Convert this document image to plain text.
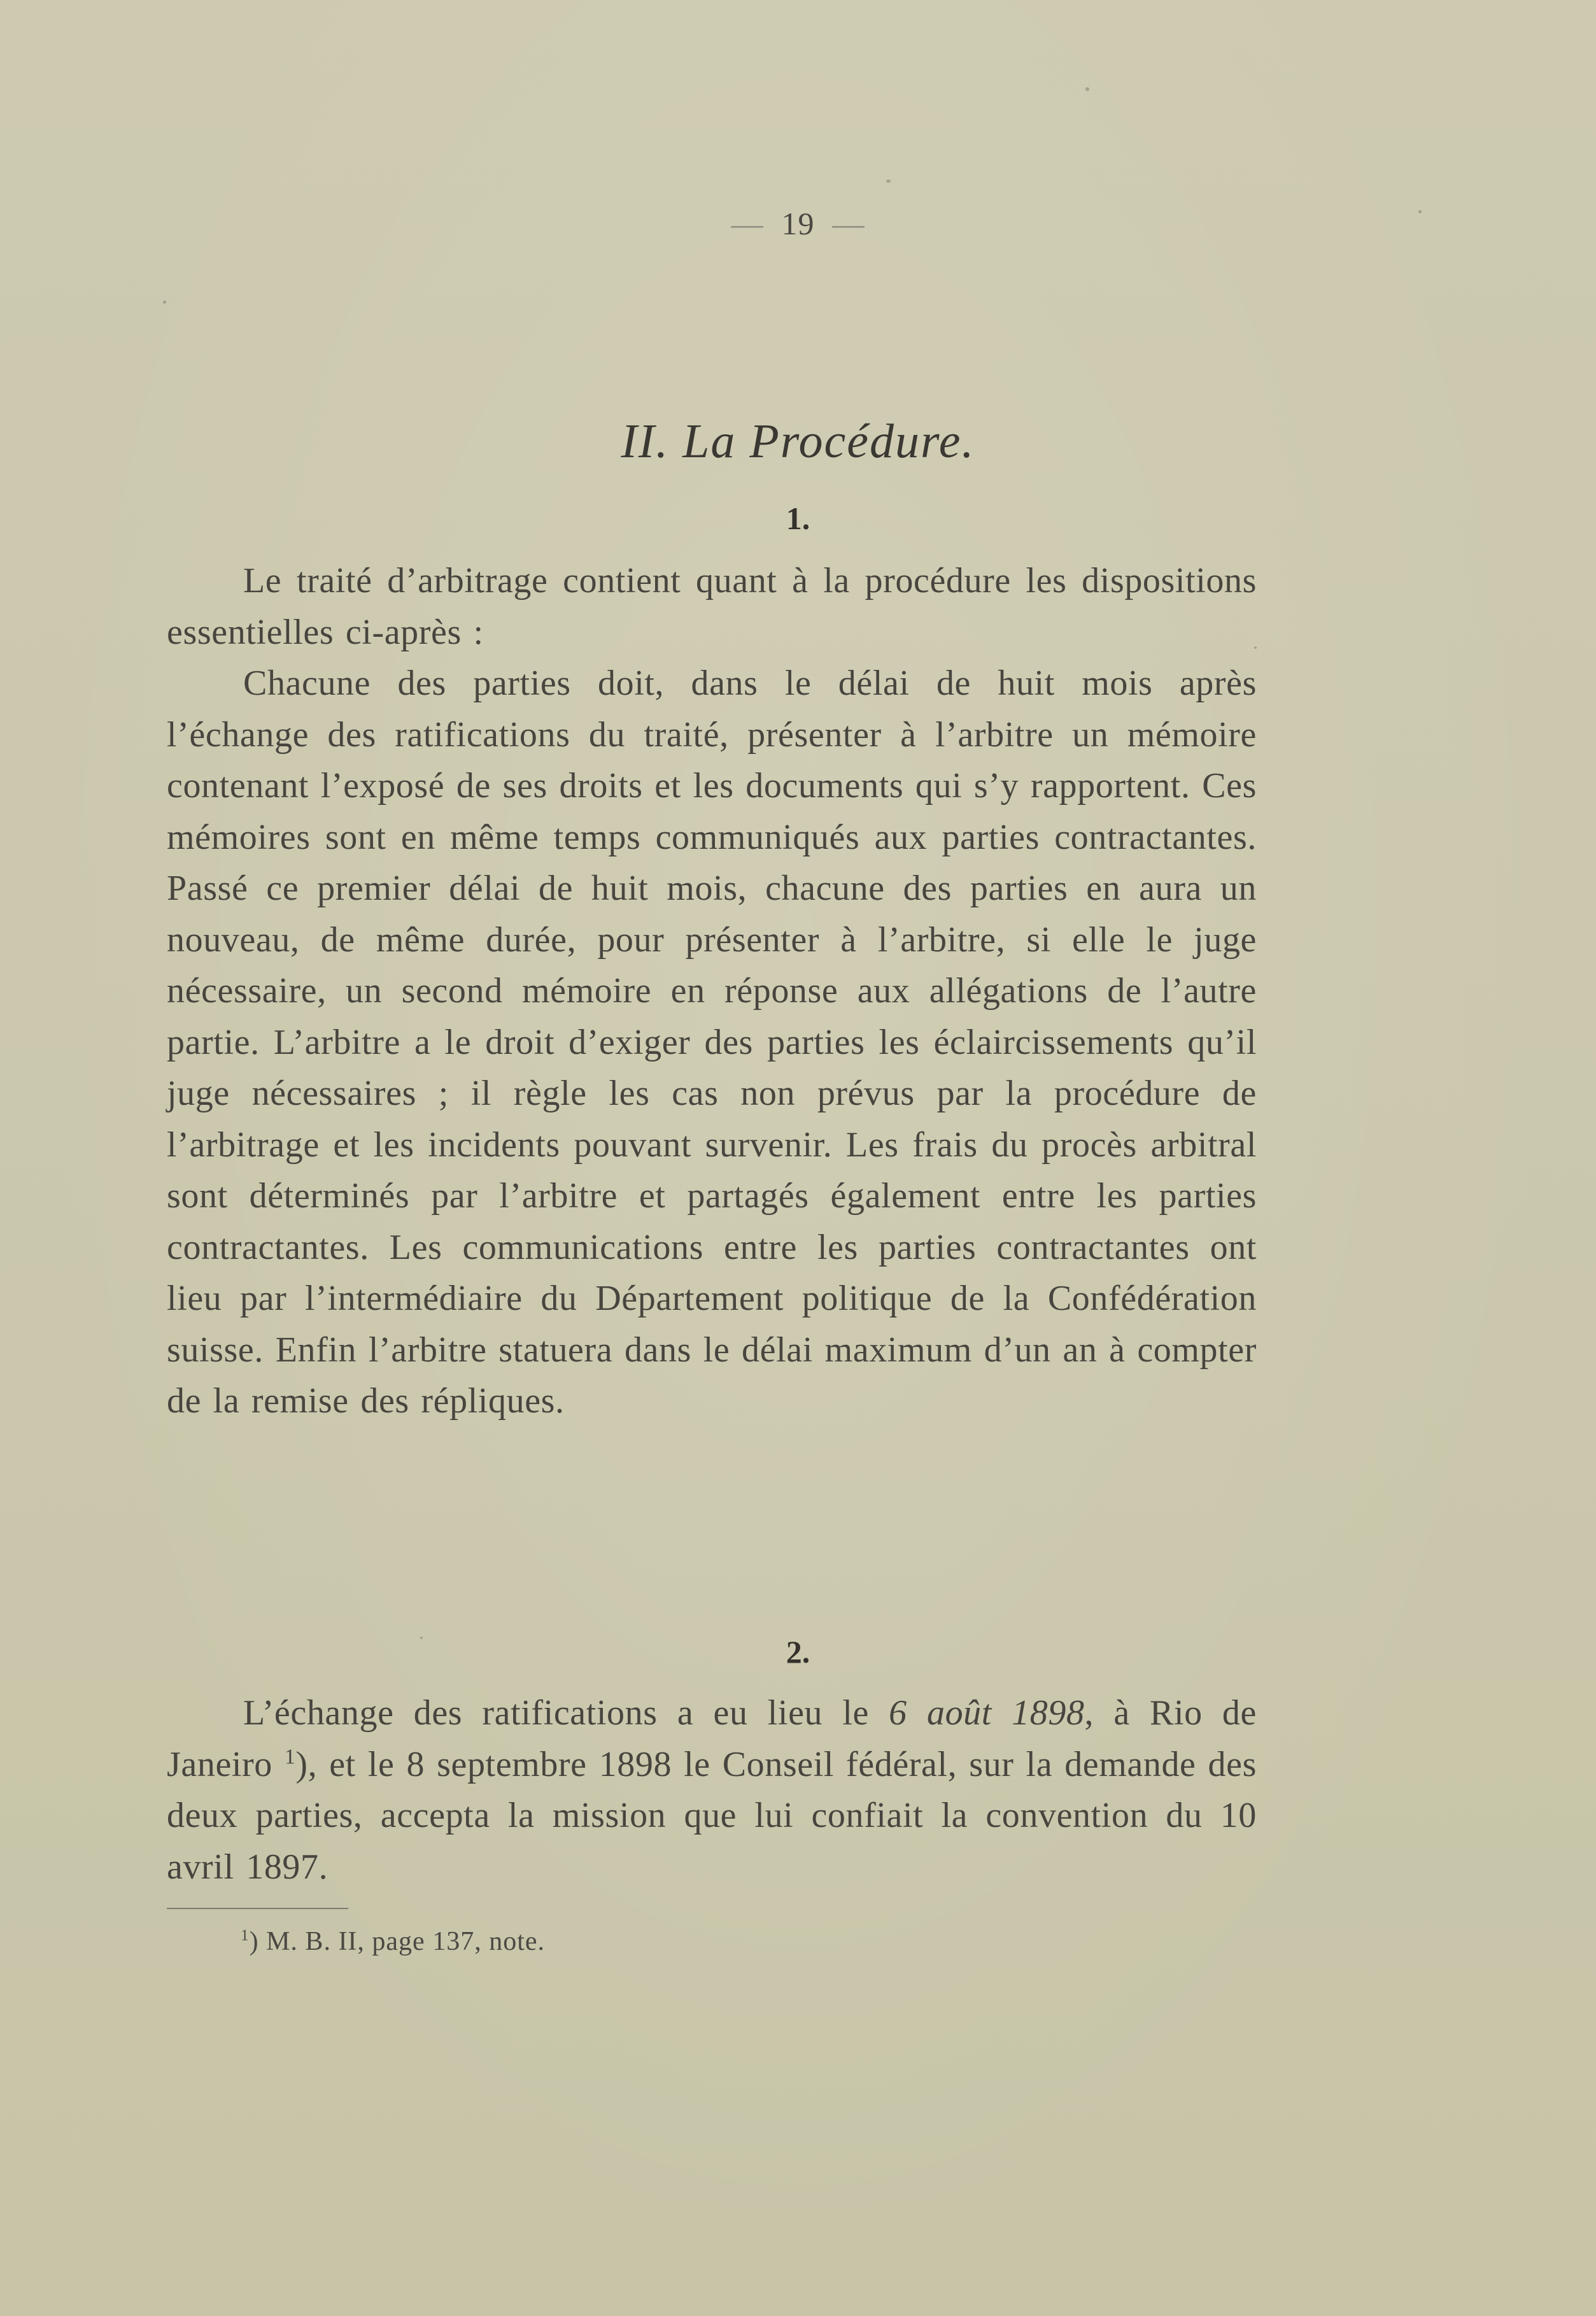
— 19 —
II. La Procédure.
1.

Le traité d’arbitrage contient quant à la procédure les dispositions essentielles ci-après :

Chacune des parties doit, dans le délai de huit mois après l’échange des ratifications du traité, présenter à l’arbitre un mémoire contenant l’exposé de ses droits et les documents qui s’y rapportent. Ces mémoires sont en même temps communiqués aux parties contractantes. Passé ce premier délai de huit mois, chacune des parties en aura un nouveau, de même durée, pour présenter à l’arbitre, si elle le juge nécessaire, un second mémoire en réponse aux allégations de l’autre partie. L’arbitre a le droit d’exiger des parties les éclaircissements qu’il juge nécessaires ; il règle les cas non prévus par la procédure de l’arbitrage et les incidents pouvant survenir. Les frais du procès arbitral sont déterminés par l’arbitre et partagés également entre les parties contractantes. Les communications entre les parties contractantes ont lieu par l’intermédiaire du Département politique de la Confédération suisse. Enfin l’arbitre statuera dans le délai maximum d’un an à compter de la remise des répliques.

2.

L’échange des ratifications a eu lieu le 6 août 1898, à Rio de Janeiro $^1$), et le 8 septembre 1898 le Conseil fédéral, sur la demande des deux parties, accepta la mission que lui confiait la convention du 10 avril 1897.

$^1$) M. B. II, page 137, note.
